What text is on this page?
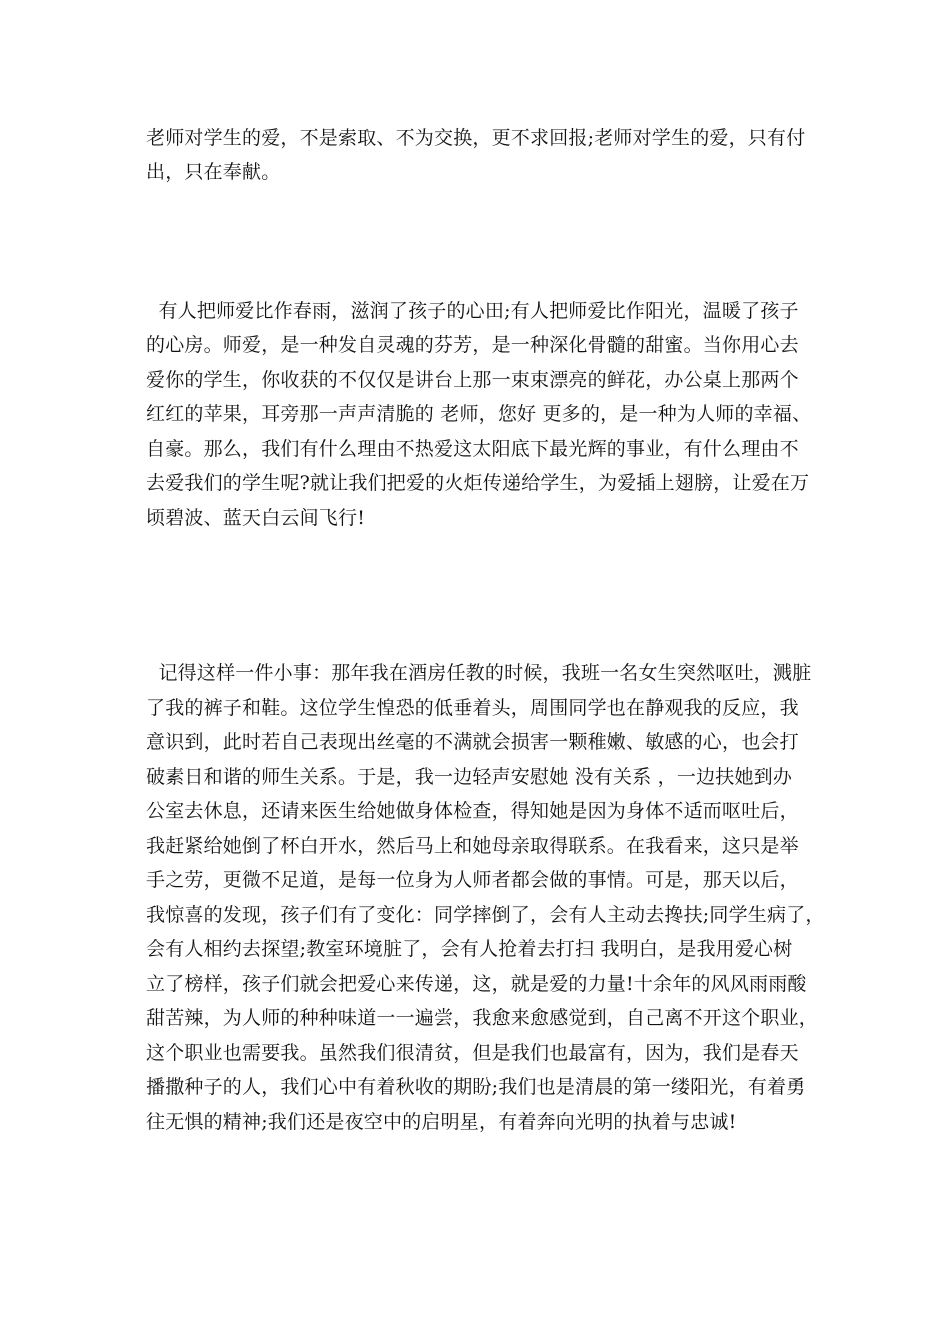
老师对学生的爱，不是索取、不为交换，更不求回报;老师对学生的爱，只有付
出，只在奉献。
有人把师爱比作春雨，滋润了孩子的心田;有人把师爱比作阳光，温暖了孩子
的心房。师爱，是一种发自灵魂的芬芳，是一种深化骨髓的甜蜜。当你用心去
爱你的学生，你收获的不仅仅是讲台上那一束束漂亮的鲜花，办公桌上那两个
红红的苹果，耳旁那一声声清脆的 老师，您好 更多的，是一种为人师的幸福、
自豪。那么，我们有什么理由不热爱这太阳底下最光辉的事业，有什么理由不
去爱我们的学生呢?就让我们把爱的火炬传递给学生，为爱插上翅膀，让爱在万
顷碧波、蓝天白云间飞行!
记得这样一件小事：那年我在酒房任教的时候，我班一名女生突然呕吐，溅脏
了我的裤子和鞋。这位学生惶恐的低垂着头，周围同学也在静观我的反应，我
意识到，此时若自己表现出丝毫的不满就会损害一颗稚嫩、敏感的心，也会打
破素日和谐的师生关系。于是，我一边轻声安慰她 没有关系 ，一边扶她到办
公室去休息，还请来医生给她做身体检查，得知她是因为身体不适而呕吐后，
我赶紧给她倒了杯白开水，然后马上和她母亲取得联系。在我看来，这只是举
手之劳，更微不足道，是每一位身为人师者都会做的事情。可是，那天以后，
我惊喜的发现，孩子们有了变化：同学摔倒了，会有人主动去搀扶;同学生病了，
会有人相约去探望;教室环境脏了，会有人抢着去打扫 我明白，是我用爱心树
立了榜样，孩子们就会把爱心来传递，这，就是爱的力量!十余年的风风雨雨酸
甜苦辣，为人师的种种味道一一遍尝，我愈来愈感觉到，自己离不开这个职业，
这个职业也需要我。虽然我们很清贫，但是我们也最富有，因为，我们是春天
播撒种子的人，我们心中有着秋收的期盼;我们也是清晨的第一缕阳光，有着勇
往无惧的精神;我们还是夜空中的启明星，有着奔向光明的执着与忠诚!
